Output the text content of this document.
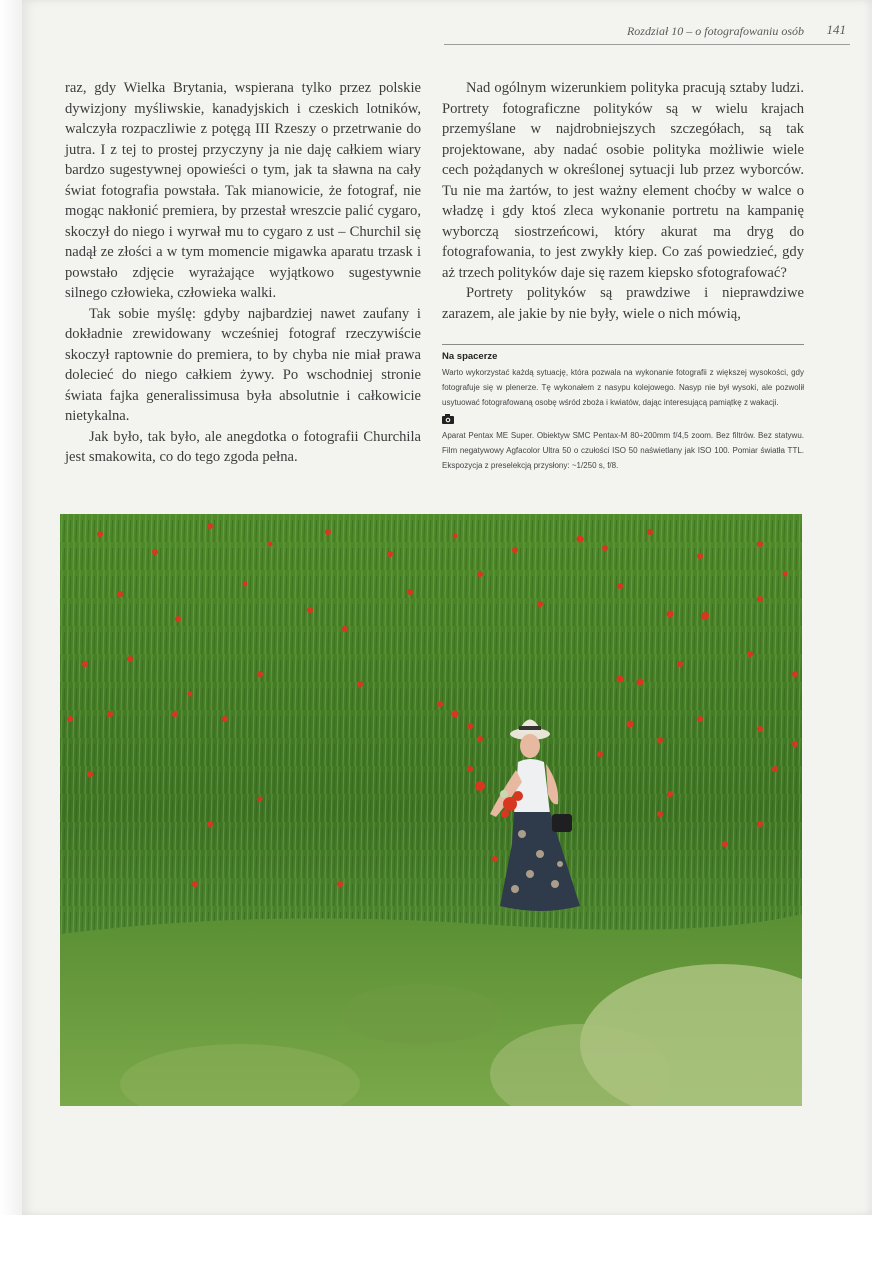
Rozdział 10 – o fotografowaniu osób 141

raz, gdy Wielka Brytania, wspierana tylko przez polskie dywizjony myśliwskie, kanadyjskich i czeskich lotników, walczyła rozpaczliwie z potęgą III Rzeszy o przetrwanie do jutra. I z tej to prostej przyczyny ja nie daję całkiem wiary bardzo sugestywnej opowieści o tym, jak ta sławna na cały świat fotografia powstała. Tak mianowicie, że fotograf, nie mogąc nakłonić premiera, by przestał wreszcie palić cygaro, skoczył do niego i wyrwał mu to cygaro z ust – Churchil się nadął ze złości a w tym momencie migawka aparatu trzask i powstało zdjęcie wyrażające wyjątkowo sugestywnie silnego człowieka, człowieka walki.

Tak sobie myślę: gdyby najbardziej nawet zaufany i dokładnie zrewidowany wcześniej fotograf rzeczywiście skoczył raptownie do premiera, to by chyba nie miał prawa dolecieć do niego całkiem żywy. Po wschodniej stronie świata fajka generalissimusa była absolutnie i całkowicie nietykalna.

Jak było, tak było, ale anegdotka o fotografii Churchila jest smakowita, co do tego zgoda pełna.

Nad ogólnym wizerunkiem polityka pracują sztaby ludzi. Portrety fotograficzne polityków są w wielu krajach przemyślane w najdrobniejszych szczegółach, są tak projektowane, aby nadać osobie polityka możliwie wiele cech pożądanych w określonej sytuacji lub przez wyborców. Tu nie ma żartów, to jest ważny element choćby w walce o władzę i gdy ktoś zleca wykonanie portretu na kampanię wyborczą siostrzeńcowi, który akurat ma dryg do fotografowania, to jest zwykły kiep. Co zaś powiedzieć, gdy aż trzech polityków daje się razem kiepsko sfotografować?

Portrety polityków są prawdziwe i nieprawdziwe zarazem, ale jakie by nie były, wiele o nich mówią,

Na spacerze
Warto wykorzystać każdą sytuację, która pozwala na wykonanie fotografii z większej wysokości, gdy fotografuje się w plenerze. Tę wykonałem z nasypu kolejowego. Nasyp nie był wysoki, ale pozwolił usytuować fotografowaną osobę wśród zboża i kwiatów, dając interesującą pamiątkę z wakacji.
Aparat Pentax ME Super. Obiektyw SMC Pentax-M 80÷200mm f/4,5 zoom. Bez filtrów. Bez statywu. Film negatywowy Agfacolor Ultra 50 o czułości ISO 50 naświetlany jak ISO 100. Pomiar światła TTL. Ekspozycja z preselekcją przysłony: ~1/250 s, f/8.
